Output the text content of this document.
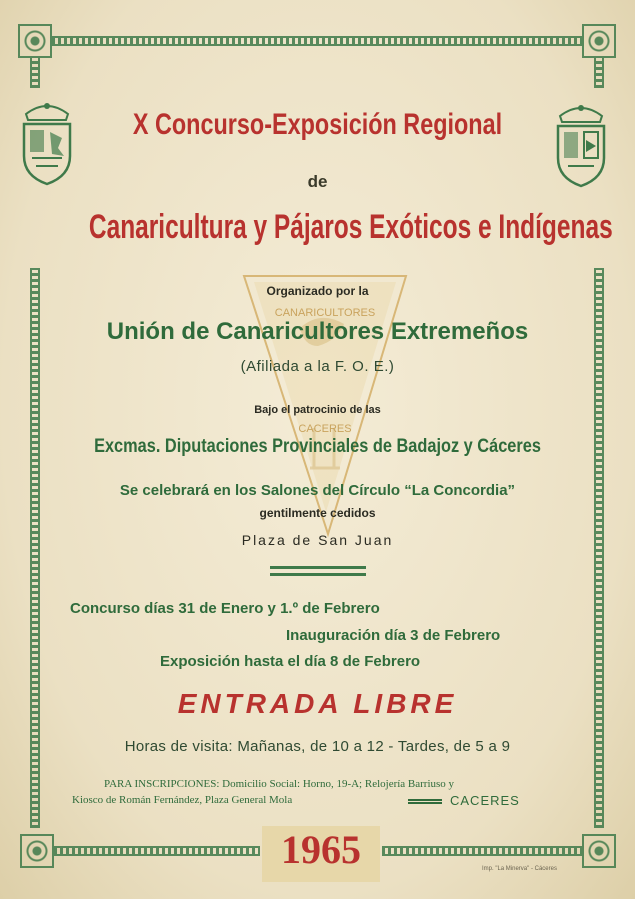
CANARICULTORES
CACERES
X Concurso-Exposición Regional
de
Canaricultura y Pájaros Exóticos e Indígenas
Organizado por la
Unión de Canaricultores Extremeños
(Afiliada a la F. O. E.)
Bajo el patrocinio de las
Excmas. Diputaciones Provinciales de Badajoz y Cáceres
Se celebrará en los Salones del Círculo “La Concordia”
gentilmente cedidos
Plaza de San Juan
Concurso días 31 de Enero y 1.º de Febrero
Inauguración día 3 de Febrero
Exposición hasta el día 8 de Febrero
ENTRADA LIBRE
Horas de visita: Mañanas, de 10 a 12 - Tardes, de 5 a 9
PARA INSCRIPCIONES: Domicilio Social: Horno, 19-A; Relojería Barriuso y
Kiosco de Román Fernández, Plaza General Mola	CACERES
1965	Imp. "La Minerva" - Cáceres
